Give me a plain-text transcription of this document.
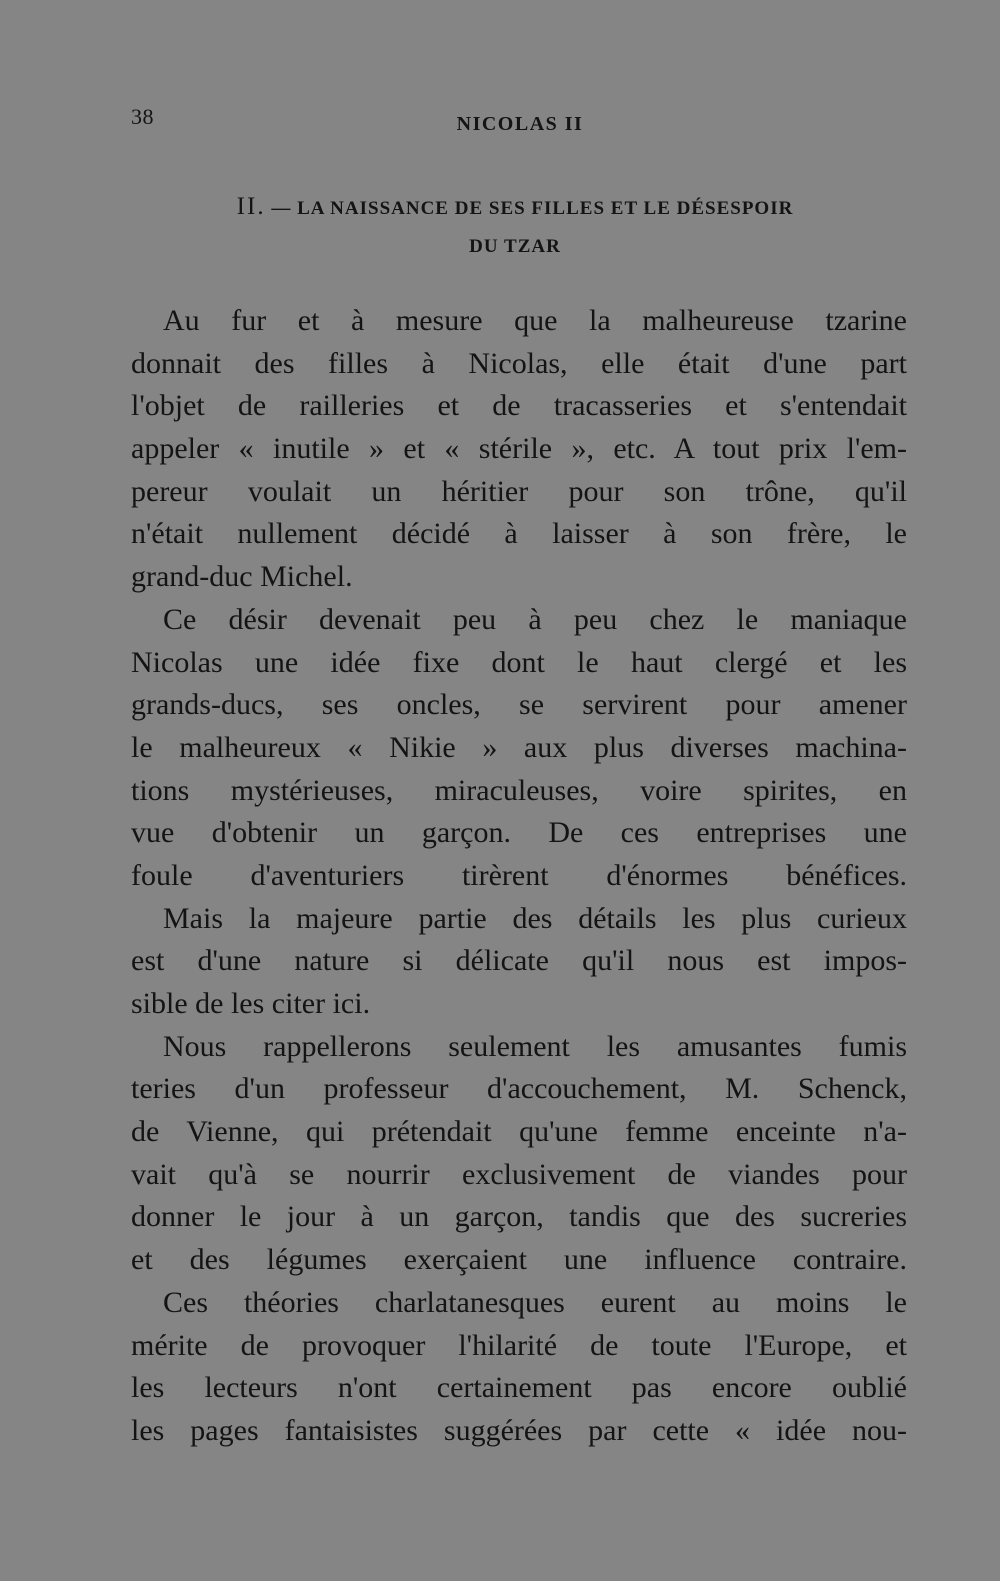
38	NICOLAS II
II. — LA NAISSANCE DE SES FILLES ET LE DÉSESPOIR
DU TZAR
Au fur et à mesure que la malheureuse tzarine
donnait des filles à Nicolas, elle était d'une part
l'objet de railleries et de tracasseries et s'entendait
appeler « inutile » et « stérile », etc. A tout prix l'em-
pereur voulait un héritier pour son trône, qu'il
n'était nullement décidé à laisser à son frère, le
grand-duc Michel.
Ce désir devenait peu à peu chez le maniaque
Nicolas une idée fixe dont le haut clergé et les
grands-ducs, ses oncles, se servirent pour amener
le malheureux « Nikie » aux plus diverses machina-
tions mystérieuses, miraculeuses, voire spirites, en
vue d'obtenir un garçon. De ces entreprises une
foule d'aventuriers tirèrent d'énormes bénéfices.
Mais la majeure partie des détails les plus curieux
est d'une nature si délicate qu'il nous est impos-
sible de les citer ici.
Nous rappellerons seulement les amusantes fumis
teries d'un professeur d'accouchement, M. Schenck,
de Vienne, qui prétendait qu'une femme enceinte n'a-
vait qu'à se nourrir exclusivement de viandes pour
donner le jour à un garçon, tandis que des sucreries
et des légumes exerçaient une influence contraire.
Ces théories charlatanesques eurent au moins le
mérite de provoquer l'hilarité de toute l'Europe, et
les lecteurs n'ont certainement pas encore oublié
les pages fantaisistes suggérées par cette « idée nou-
